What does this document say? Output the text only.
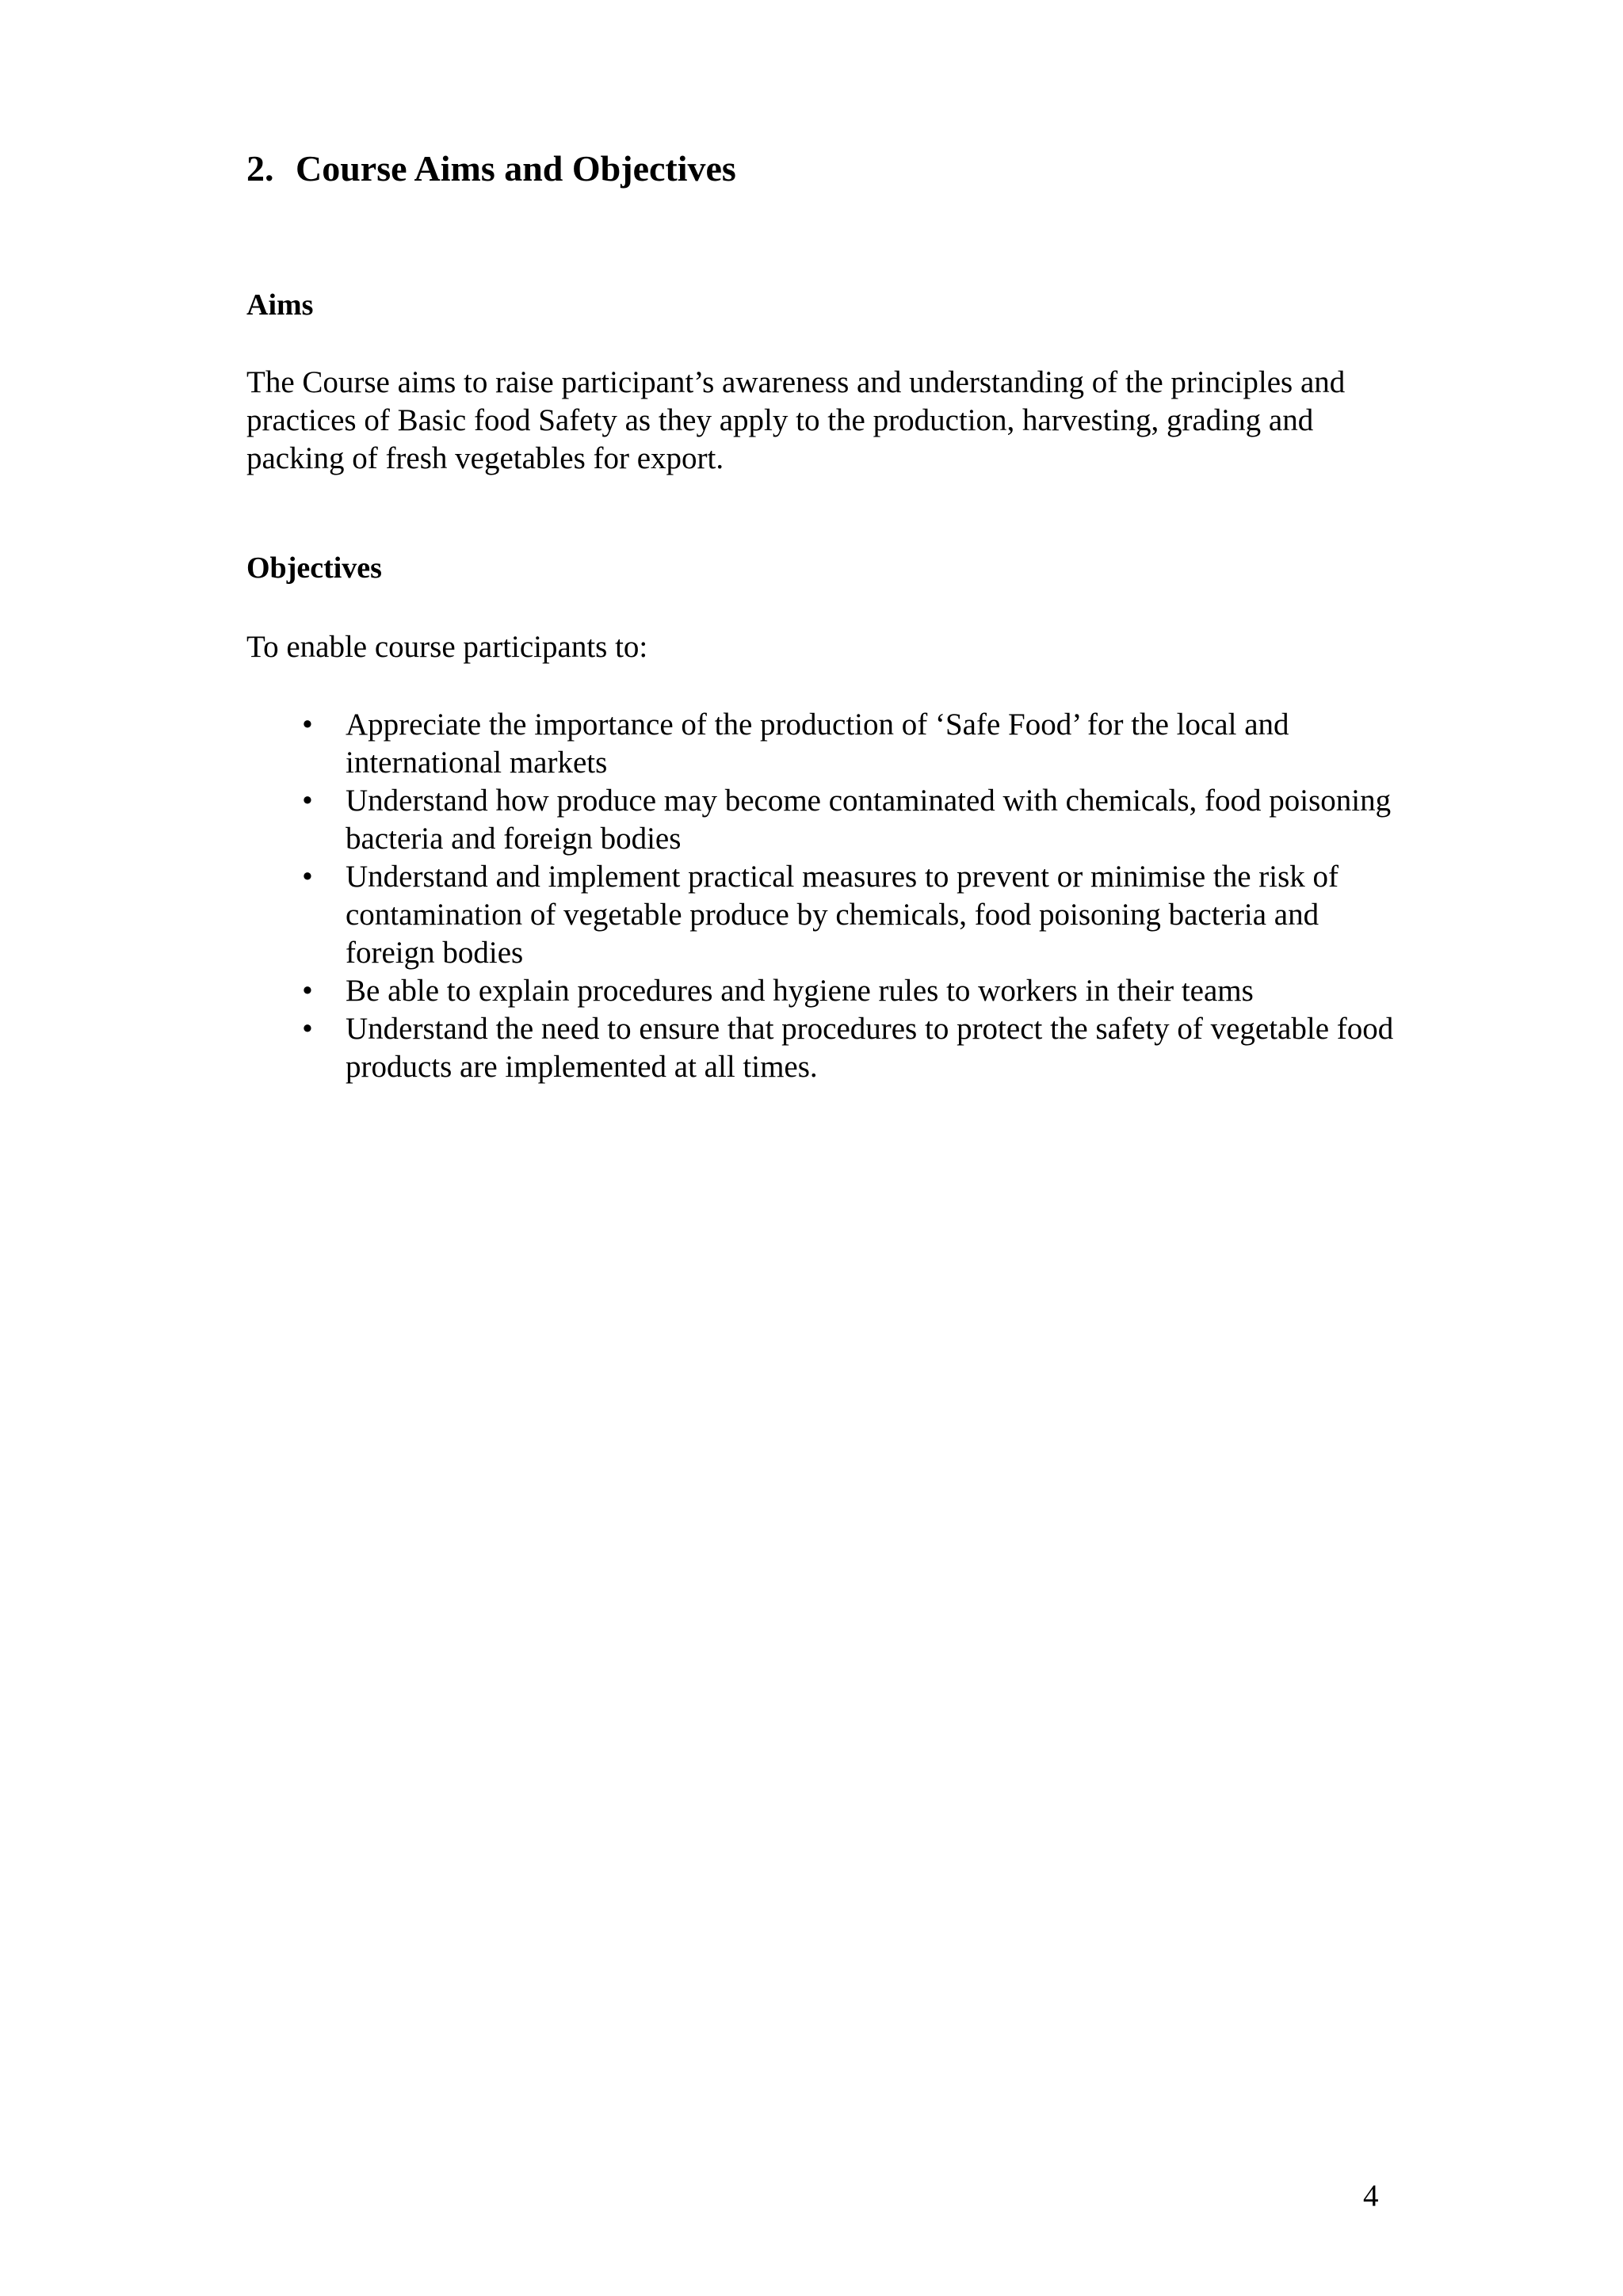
2. Course Aims and Objectives
Aims

The Course aims to raise participant’s awareness and understanding of the principles and practices of Basic food Safety as they apply to the production, harvesting, grading and packing of fresh vegetables for export.

Objectives

To enable course participants to:

• Appreciate the importance of the production of ‘Safe Food’ for the local and international markets
• Understand how produce may become contaminated with chemicals, food poisoning bacteria and foreign bodies
• Understand and implement practical measures to prevent or minimise the risk of contamination of vegetable produce by chemicals, food poisoning bacteria and foreign bodies
• Be able to explain procedures and hygiene rules to workers in their teams
• Understand the need to ensure that procedures to protect the safety of vegetable food products are implemented at all times.
4
